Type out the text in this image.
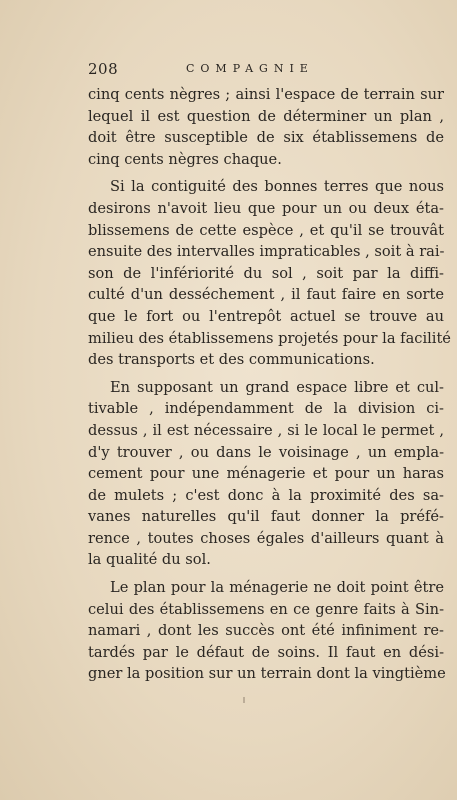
208	COMPAGNIE
cinq cents nègres ; ainsi l'espace de terrain sur
lequel il est question de déterminer un plan ,
doit être susceptible de six établissemens de
cinq cents nègres chaque.
Si la contiguité des bonnes terres que nous
desirons n'avoit lieu que pour un ou deux éta-
blissemens de cette espèce , et qu'il se trouvât
ensuite des intervalles impraticables , soit à rai-
son de l'infériorité du sol , soit par la diffi-
culté d'un desséchement , il faut faire en sorte
que le fort ou l'entrepôt actuel se trouve au
milieu des établissemens projetés pour la facilité
des transports et des communications.
En supposant un grand espace libre et cul-
tivable , indépendamment de la division ci-
dessus , il est nécessaire , si le local le permet ,
d'y trouver , ou dans le voisinage , un empla-
cement pour une ménagerie et pour un haras
de mulets ; c'est donc à la proximité des sa-
vanes naturelles qu'il faut donner la préfé-
rence , toutes choses égales d'ailleurs quant à
la qualité du sol.
Le plan pour la ménagerie ne doit point être
celui des établissemens en ce genre faits à Sin-
namari , dont les succès ont été infiniment re-
tardés par le défaut de soins. Il faut en dési-
gner la position sur un terrain dont la vingtième
